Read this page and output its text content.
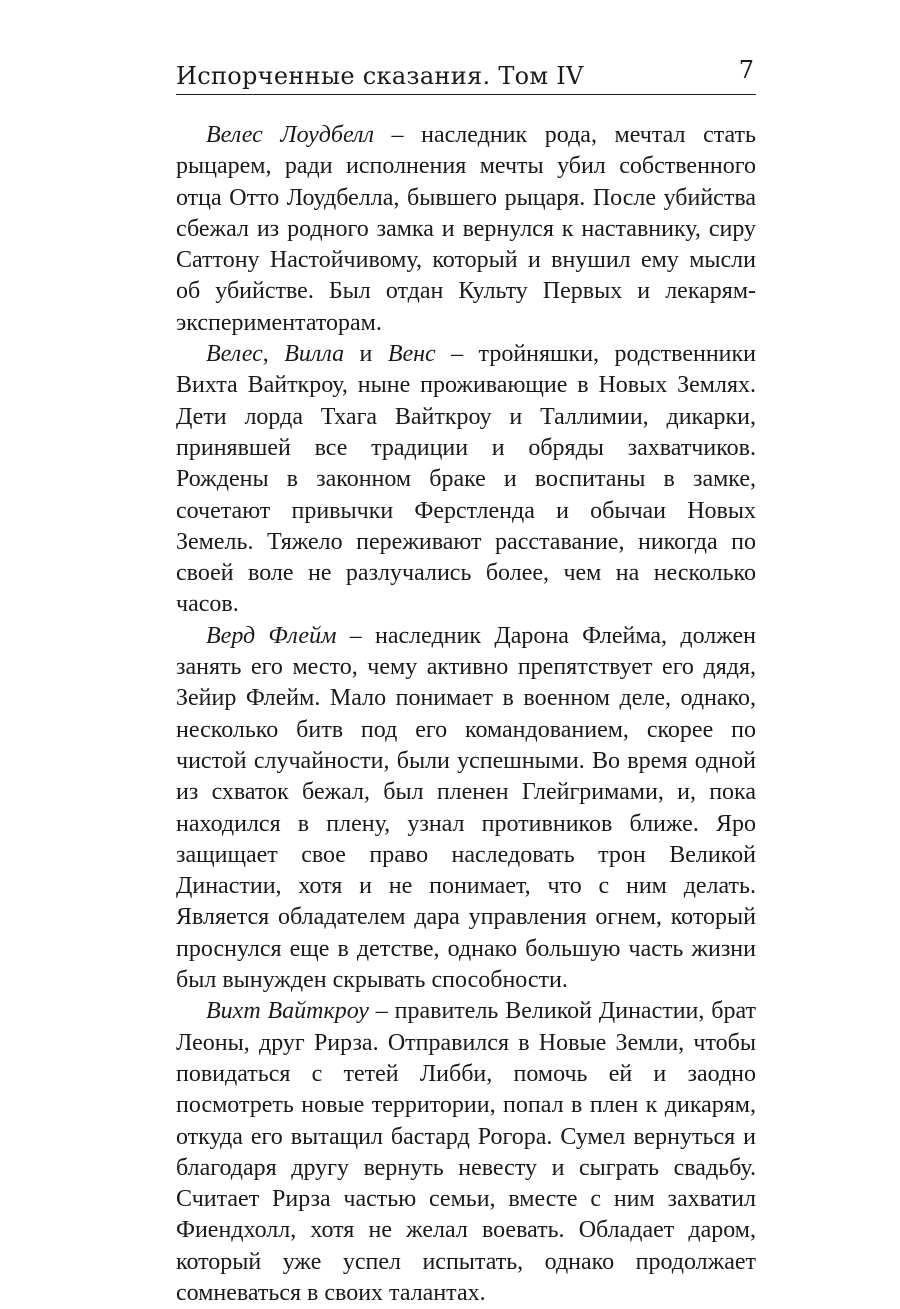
Испорченные сказания. Том IV	7

Велес Лоудбелл – наследник рода, мечтал стать рыцарем, ради исполнения мечты убил собственного отца Отто Лоудбелла, бывшего рыцаря. После убийства сбежал из родного замка и вернулся к наставнику, сиру Саттону Настойчивому, который и внушил ему мысли об убийстве. Был отдан Культу Первых и лекарям-экспериментаторам.

Велес, Вилла и Венс – тройняшки, родственники Вихта Вайткроу, ныне проживающие в Новых Землях. Дети лорда Тхага Вайткроу и Таллимии, дикарки, принявшей все традиции и обряды захватчиков. Рождены в законном браке и воспитаны в замке, сочетают привычки Ферстленда и обычаи Новых Земель. Тяжело переживают расставание, никогда по своей воле не разлучались более, чем на несколько часов.

Верд Флейм – наследник Дарона Флейма, должен занять его место, чему активно препятствует его дядя, Зейир Флейм. Мало понимает в военном деле, однако, несколько битв под его командованием, скорее по чистой случайности, были успешными. Во время одной из схваток бежал, был пленен Глейгримами, и, пока находился в плену, узнал противников ближе. Яро защищает свое право наследовать трон Великой Династии, хотя и не понимает, что с ним делать. Является обладателем дара управления огнем, который проснулся еще в детстве, однако большую часть жизни был вынужден скрывать способности.

Вихт Вайткроу – правитель Великой Династии, брат Леоны, друг Рирза. Отправился в Новые Земли, чтобы повидаться с тетей Либби, помочь ей и заодно посмотреть новые территории, попал в плен к дикарям, откуда его вытащил бастард Рогора. Сумел вернуться и благодаря другу вернуть невесту и сыграть свадьбу. Считает Рирза частью семьи, вместе с ним захватил Фиендхолл, хотя не желал воевать. Обладает даром, который уже успел испытать, однако продолжает сомневаться в своих талантах.
